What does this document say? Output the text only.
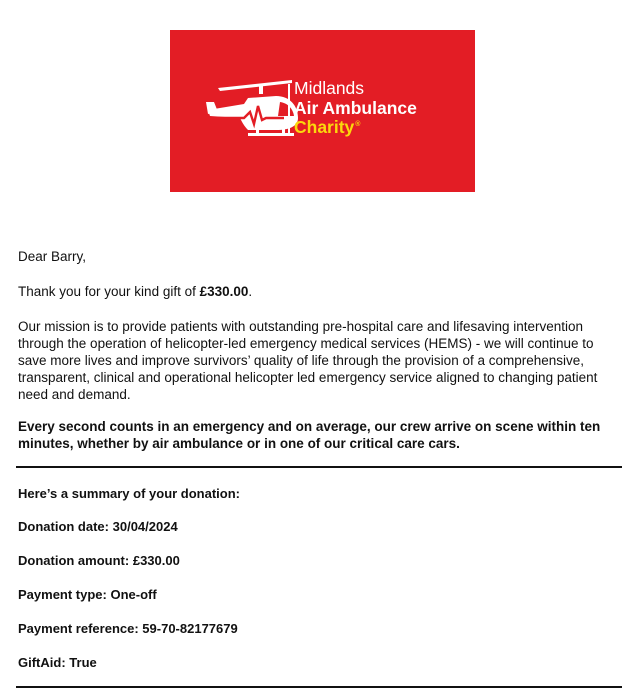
Midlands
Air Ambulance
Charity®

Dear Barry,

Thank you for your kind gift of £330.00.

Our mission is to provide patients with outstanding pre-hospital care and lifesaving intervention through the operation of helicopter-led emergency medical services (HEMS) - we will continue to save more lives and improve survivors’ quality of life through the provision of a comprehensive, transparent, clinical and operational helicopter led emergency service aligned to changing patient need and demand.

Every second counts in an emergency and on average, our crew arrive on scene within ten minutes, whether by air ambulance or in one of our critical care cars.

Here’s a summary of your donation:

Donation date: 30/04/2024

Donation amount: £330.00

Payment type: One-off

Payment reference: 59-70-82177679

GiftAid: True
